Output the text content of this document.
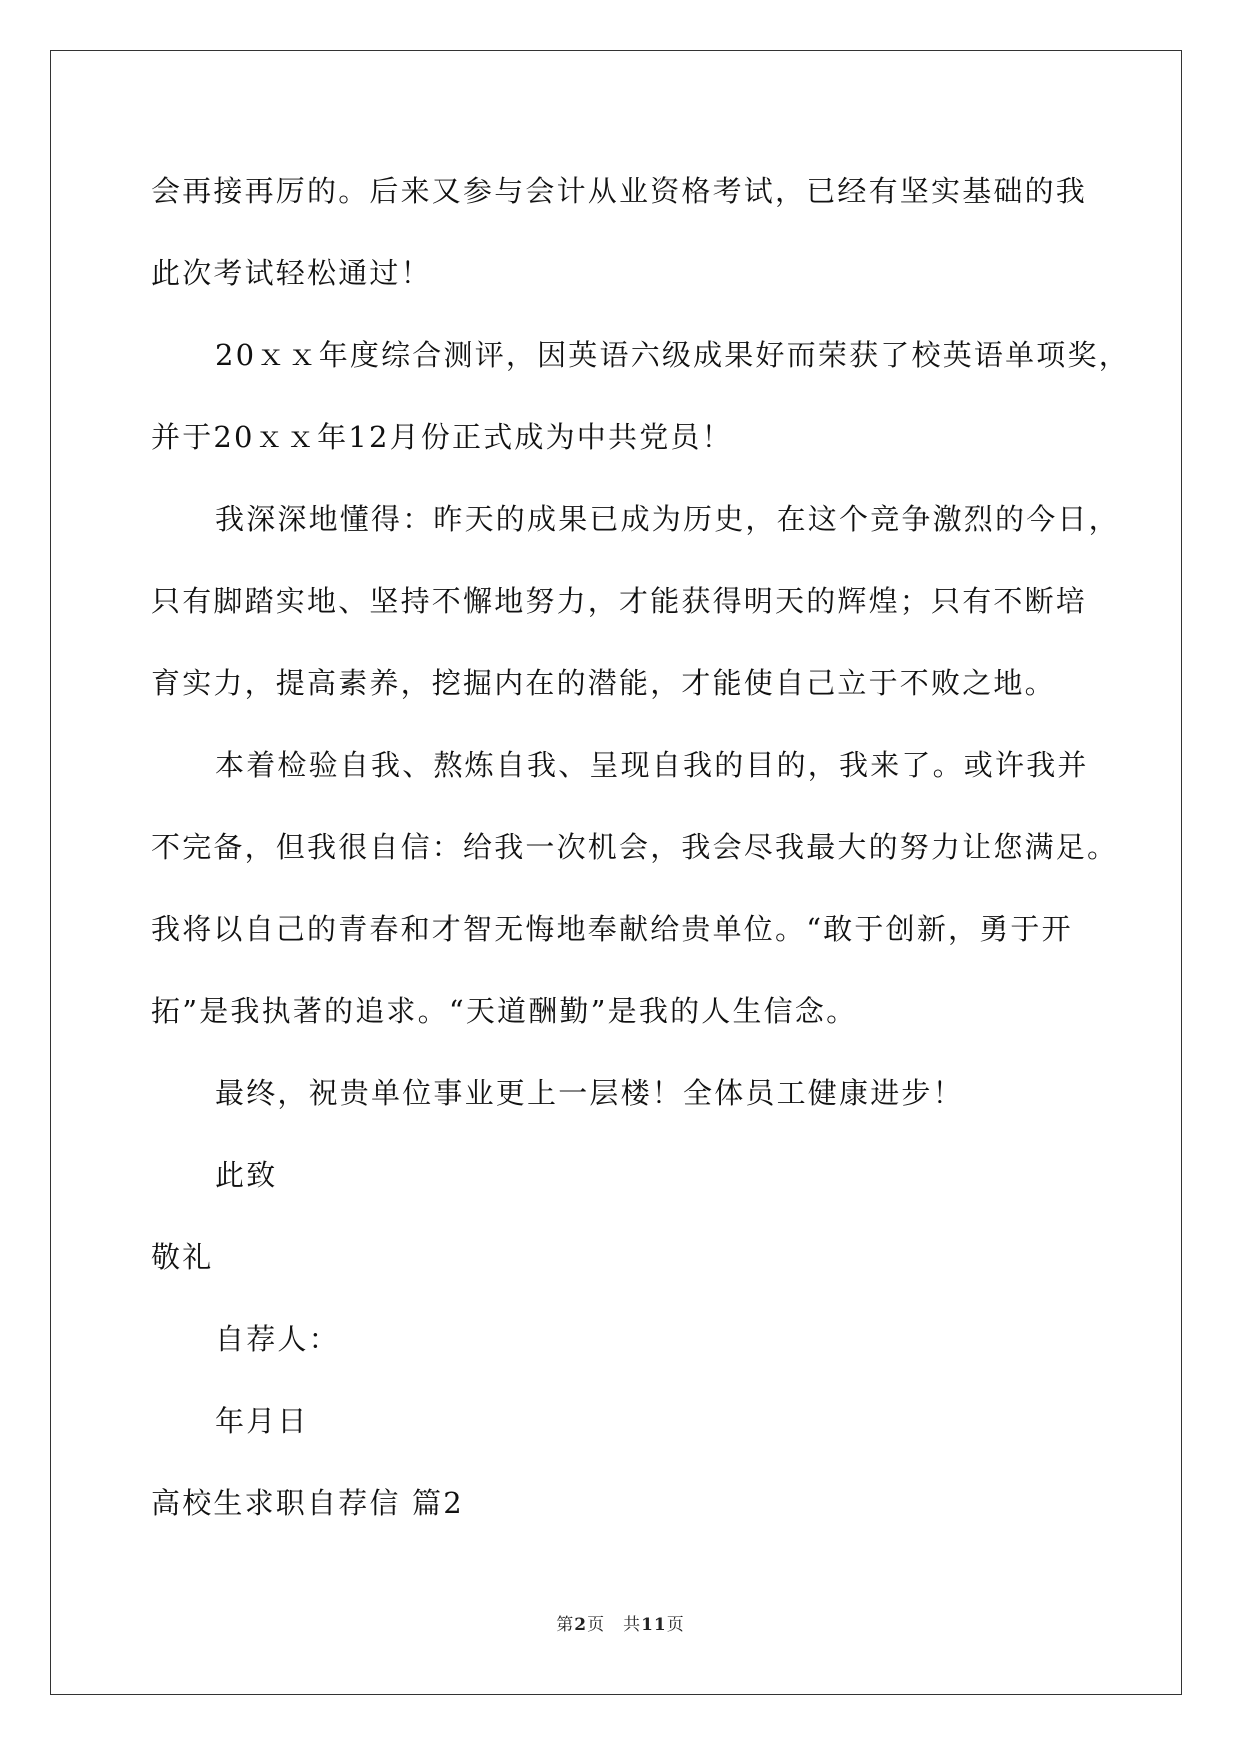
会再接再厉的。后来又参与会计从业资格考试，已经有坚实基础的我
此次考试轻松通过！
20ｘｘ年度综合测评，因英语六级成果好而荣获了校英语单项奖，
并于20ｘｘ年12月份正式成为中共党员！
我深深地懂得：昨天的成果已成为历史，在这个竞争激烈的今日，
只有脚踏实地、坚持不懈地努力，才能获得明天的辉煌；只有不断培
育实力，提高素养，挖掘内在的潜能，才能使自己立于不败之地。
本着检验自我、熬炼自我、呈现自我的目的，我来了。或许我并
不完备，但我很自信：给我一次机会，我会尽我最大的努力让您满足。
我将以自己的青春和才智无悔地奉献给贵单位。“敢于创新，勇于开
拓”是我执著的追求。“天道酬勤”是我的人生信念。
最终，祝贵单位事业更上一层楼！全体员工健康进步！
此致
敬礼
自荐人：
年月日
高校生求职自荐信 篇2
第2页　共11页
